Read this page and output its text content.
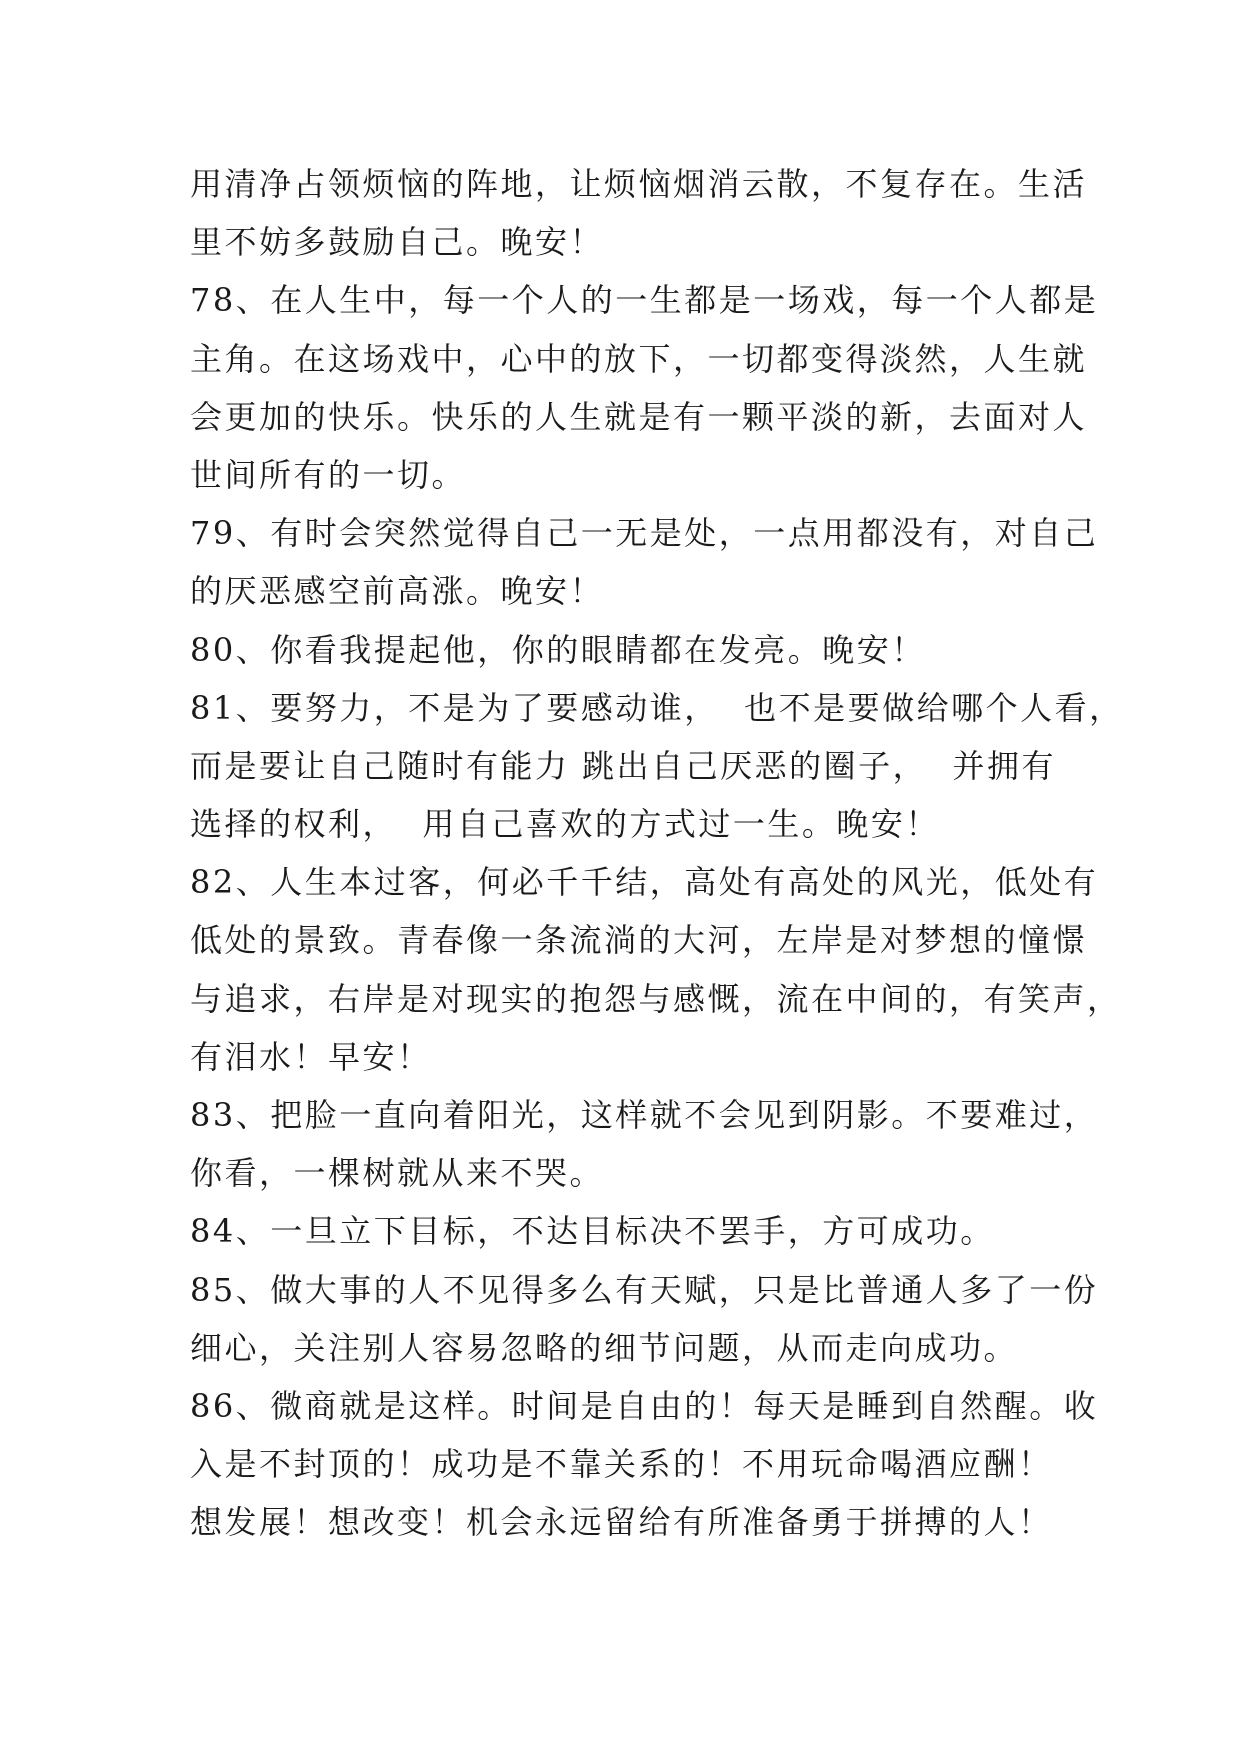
用清净占领烦恼的阵地，让烦恼烟消云散，不复存在。生活
里不妨多鼓励自己。晚安！
78、在人生中，每一个人的一生都是一场戏，每一个人都是
主角。在这场戏中，心中的放下，一切都变得淡然，人生就
会更加的快乐。快乐的人生就是有一颗平淡的新，去面对人
世间所有的一切。
79、有时会突然觉得自己一无是处，一点用都没有，对自己
的厌恶感空前高涨。晚安！
80、你看我提起他，你的眼睛都在发亮。晚安！
81、要努力，不是为了要感动谁，  也不是要做给哪个人看，
而是要让自己随时有能力 跳出自己厌恶的圈子，  并拥有
选择的权利，  用自己喜欢的方式过一生。晚安！
82、人生本过客，何必千千结，高处有高处的风光，低处有
低处的景致。青春像一条流淌的大河，左岸是对梦想的憧憬
与追求，右岸是对现实的抱怨与感慨，流在中间的，有笑声，
有泪水！早安！
83、把脸一直向着阳光，这样就不会见到阴影。不要难过，
你看，一棵树就从来不哭。
84、一旦立下目标，不达目标决不罢手，方可成功。
85、做大事的人不见得多么有天赋，只是比普通人多了一份
细心，关注别人容易忽略的细节问题，从而走向成功。
86、微商就是这样。时间是自由的！每天是睡到自然醒。收
入是不封顶的！成功是不靠关系的！不用玩命喝酒应酬！
想发展！想改变！机会永远留给有所准备勇于拼搏的人！
